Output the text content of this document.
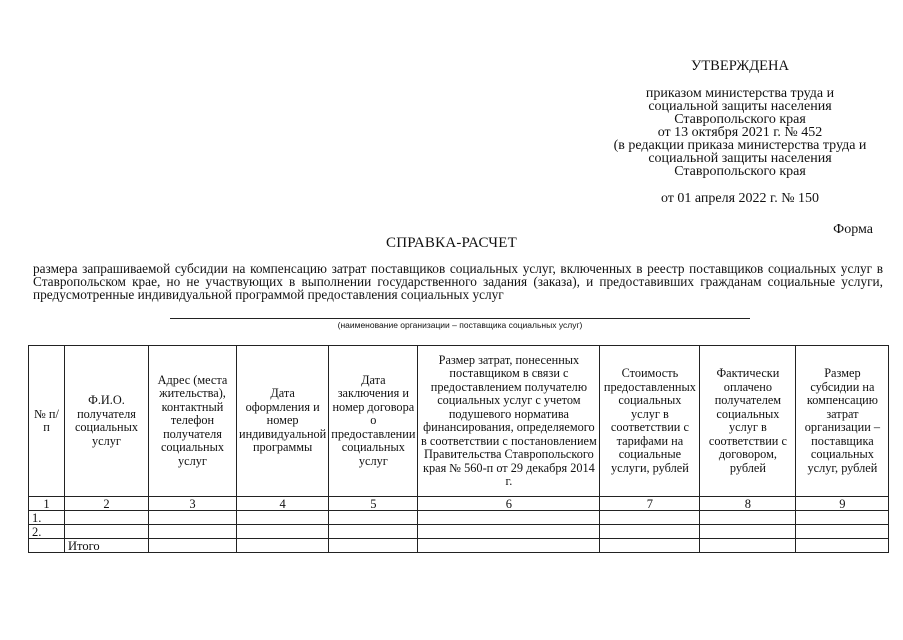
УТВЕРЖДЕНА
приказом министерства труда и
социальной защиты населения
Ставропольского края
от 13 октября 2021 г. № 452
(в редакции приказа министерства труда и
социальной защиты населения
Ставропольского края
от 01 апреля 2022 г. № 150
Форма
СПРАВКА-РАСЧЕТ
размера запрашиваемой субсидии на компенсацию затрат поставщиков социальных услуг, включенных в реестр поставщиков социальных услуг в Ставропольском крае, но не участвующих в выполнении государственного задания (заказа), и предоставивших гражданам социальные услуги, предусмотренные индивидуальной программой предоставления социальных услуг
(наименование организации – поставщика социальных услуг)
№ п/п	Ф.И.О. получателя социальных услуг	Адрес (места жительства), контактный телефон получателя социальных услуг	Дата оформления и номер индивидуальной программы	Дата заключения и номер договора о предоставлении социальных услуг	Размер затрат, понесенных поставщиком в связи с предоставлением получателю социальных услуг с учетом подушевого норматива финансирования, определяемого в соответствии с постановлением Правительства Ставропольского края № 560-п от 29 декабря 2014 г.	Стоимость предоставленных социальных услуг в соответствии с тарифами на социальные услуги, рублей	Фактически оплачено получателем социальных услуг в соответствии с договором, рублей	Размер субсидии на компенсацию затрат организации – поставщика социальных услуг, рублей
1	2	3	4	5	6	7	8	9
1.								
2.								
	Итого							
